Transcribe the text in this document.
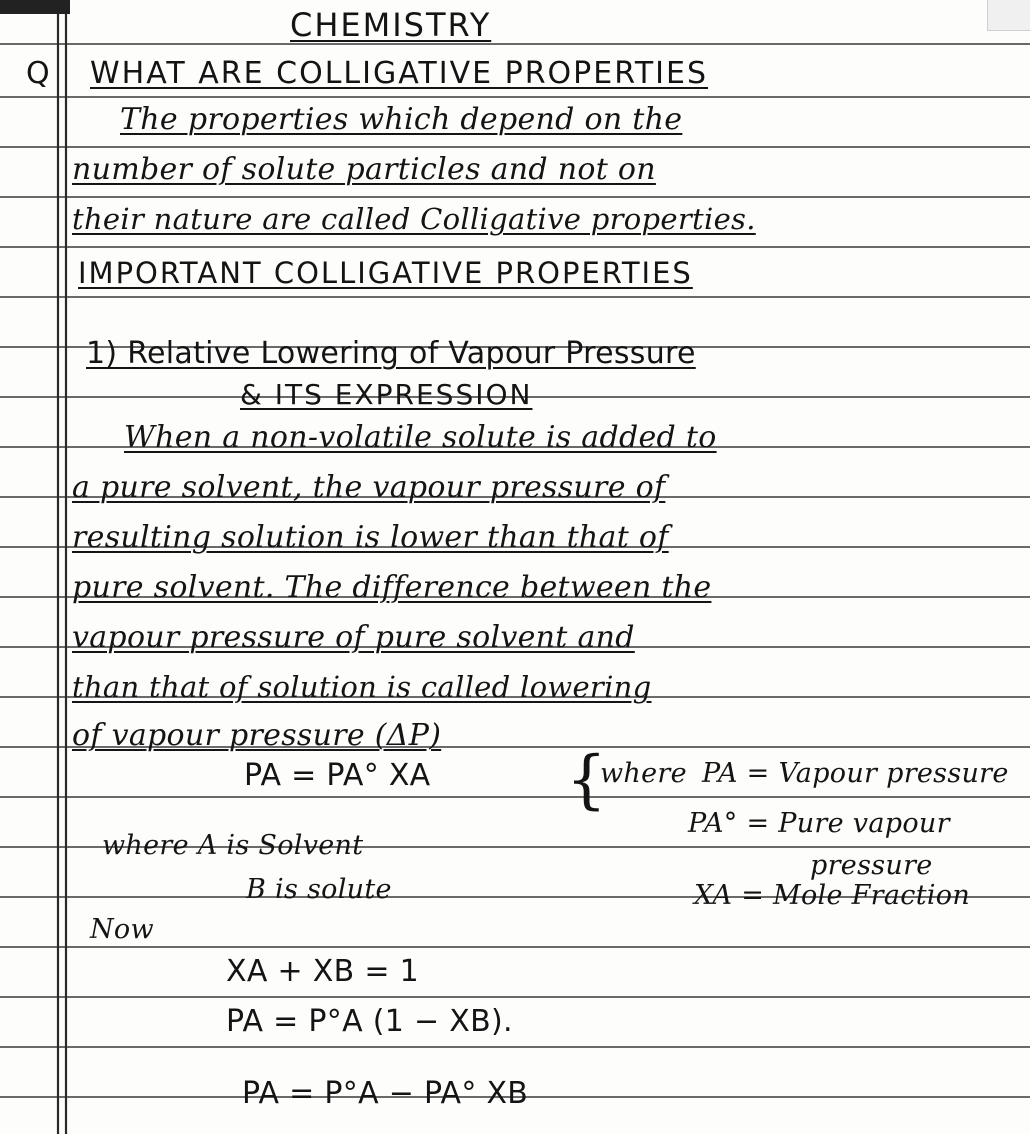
CHEMISTRY
Q WHAT ARE COLLIGATIVE PROPERTIES
The properties which depend on the
number of solute particles and not on
their nature are called Colligative properties.
IMPORTANT COLLIGATIVE PROPERTIES
1) Relative Lowering of Vapour Pressure
& ITS EXPRESSION
When a non-volatile solute is added to
a pure solvent, the vapour pressure of
resulting solution is lower than that of
pure solvent. The difference between the
vapour pressure of pure solvent and
than that of solution is called lowering
of vapour pressure (ΔP)
PA = PA° XA {
where PA = Vapour pressure
PA° = Pure vapour
pressure
XA = Mole Fraction
where A is Solvent
B is solute
Now
XA + XB = 1
PA = P°A (1 − XB).
PA = P°A − PA° XB
